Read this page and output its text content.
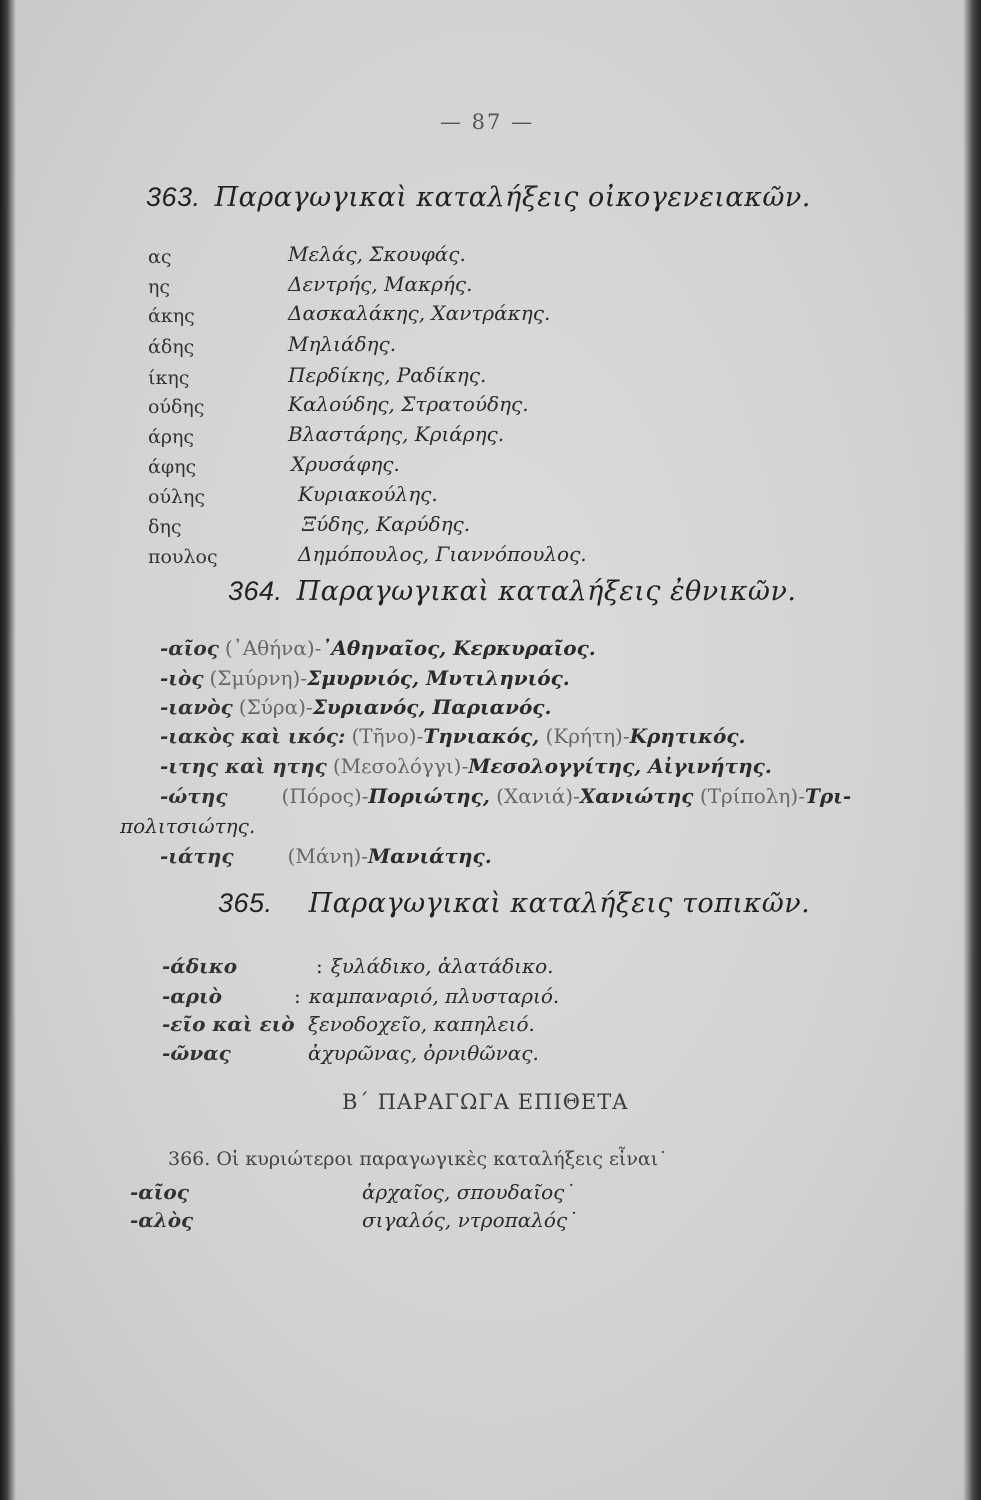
— 87 —
363. Παραγωγικαὶ καταλήξεις οἰκογενειακῶν.
ας	Μελάς, Σκουφάς.
ης	Δεντρής, Μακρής.
άκης	Δασκαλάκης, Χαντράκης.
άδης	Μηλιάδης.
ίκης	Περδίκης, Ραδίκης.
ούδης	Καλούδης, Στρατούδης.
άρης	Βλαστάρης, Κριάρης.
άφης	Χρυσάφης.
ούλης	Κυριακούλης.
δης	Ξύδης, Καρύδης.
πουλος	Δημόπουλος, Γιαννόπουλος.
364. Παραγωγικαὶ καταλήξεις ἐθνικῶν.
-αῖος (᾽Αθήνα)-᾽Αθηναῖος, Κερκυραῖος.
-ιὸς (Σμύρνη)-Σμυρνιός, Μυτιληνιός.
-ιανὸς (Σύρα)-Συριανός, Παριανός.
-ιακὸς καὶ ικός: (Τῆνο)-Τηνιακός, (Κρήτη)-Κρητικός.
-ιτης καὶ ητης (Μεσολόγγι)-Μεσολογγίτης, Αἰγινήτης.
-ώτης	(Πόρος)-Ποριώτης, (Χανιά)-Χανιώτης (Τρίπολη)-Τρι-
πολιτσιώτης.
-ιάτης	(Μάνη)-Μανιάτης.
365. Παραγωγικαὶ καταλήξεις τοπικῶν.
-άδικο	: ξυλάδικο, ἁλατάδικο.
-αριὸ	: καμπαναριό, πλυσταριό.
-εῖο καὶ ειὸ ξενοδοχεῖο, καπηλειό.
-ῶνας	ἀχυρῶνας, ὀρνιθῶνας.
Β΄ ΠΑΡΑΓΩΓΑ ΕΠΙΘΕΤΑ
366. Οἱ κυριώτεροι παραγωγικὲς καταλήξεις εἶναι˙
-αῖος	ἀρχαῖος, σπουδαῖος˙
-αλὸς	σιγαλός, ντροπαλός˙
